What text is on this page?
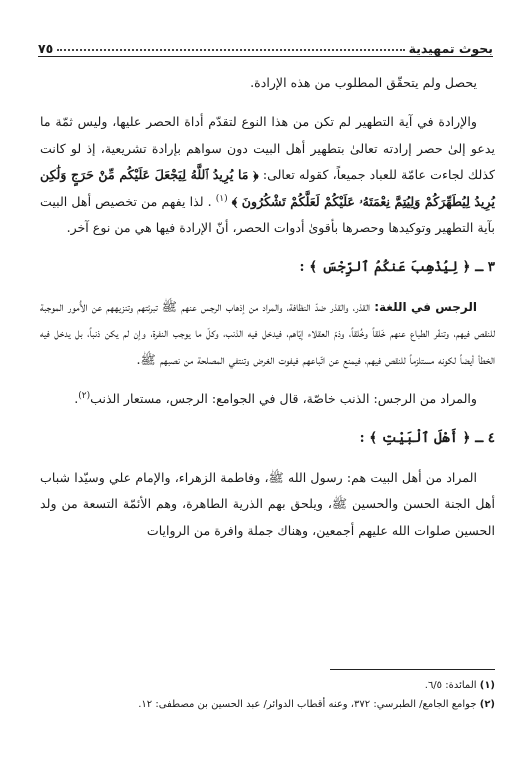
بحوث تمهيدية
٧٥

يحصل ولم يتحقّق المطلوب من هذه الإرادة.

والإرادة في آية التطهير لم تكن من هذا النوع لتقدّم أداة الحصر عليها، وليس ثمّة ما يدعو إلىٰ حصر إرادته تعالىٰ بتطهير أهل البيت دون سواهم بإرادة تشريعية، إذ لو كانت كذلك لجاءت عامّة للعباد جميعاً، كقوله تعالى: ﴿ مَا يُرِيدُ ٱللَّهُ لِيَجْعَلَ عَلَيْكُم مِّنْ حَرَجٍ وَلَٰكِن يُرِيدُ لِيُطَهِّرَكُمْ وَلِيُتِمَّ نِعْمَتَهُۥ عَلَيْكُمْ لَعَلَّكُمْ تَشْكُرُونَ ﴾ $^{(١)}$ . لذا يفهم من تخصيص أهل البيت بآية التطهير وتوكيدها وحصرها بأقوىٰ أدوات الحصر، أنّ الإرادة فيها هي من نوع آخر.

٣ ـ ﴿ لِيُذْهِبَ عَنكُمُ ٱلرِّجْسَ ﴾ :

الرجس في اللغة: القذر، والقذر ضدّ النظافة، والمراد من إذهاب الرجس عنهم ﷺ تبرئتهم وتنزيههم عن الأُمور الموجبة للنقص فيهم، وتنفّر الطباع عنهم خَلقاً وخُلقاً، وذمّ العقلاء إيّاهم، فيدخل فيه الذنب، وكلّ ما يوجب النفرة، وإن لم يكن ذنباً، بل يدخل فيه الخطأ أيضاً لكونه مستلزماً للنقص فيهم، فيمنع عن اتّباعهم فيفوت الغرض وتنتفي المصلحة من نصبهم ﷺ.

والمراد من الرجس: الذنب خاصّة، قال في الجوامع: الرجس، مستعار الذنب$^{(٢)}$.

٤ ـ ﴿ أَهْلَ ٱلْبَيْتِ ﴾ :

المراد من أهل البيت هم: رسول الله ﷺ، وفاطمة الزهراء، والإمام علي وسيّدا شباب أهل الجنة الحسن والحسين ﷺ، ويلحق بهم الذرية الطاهرة، وهم الأئمّة التسعة من ولد الحسين صلوات الله عليهم أجمعين، وهناك جملة وافرة من الروايات

(١) المائدة: ٦/٥.

(٢) جوامع الجامع/ الطبرسي: ٣٧٢، وعنه أقطاب الدوائر/ عبد الحسين بن مصطفى: ١٢.
